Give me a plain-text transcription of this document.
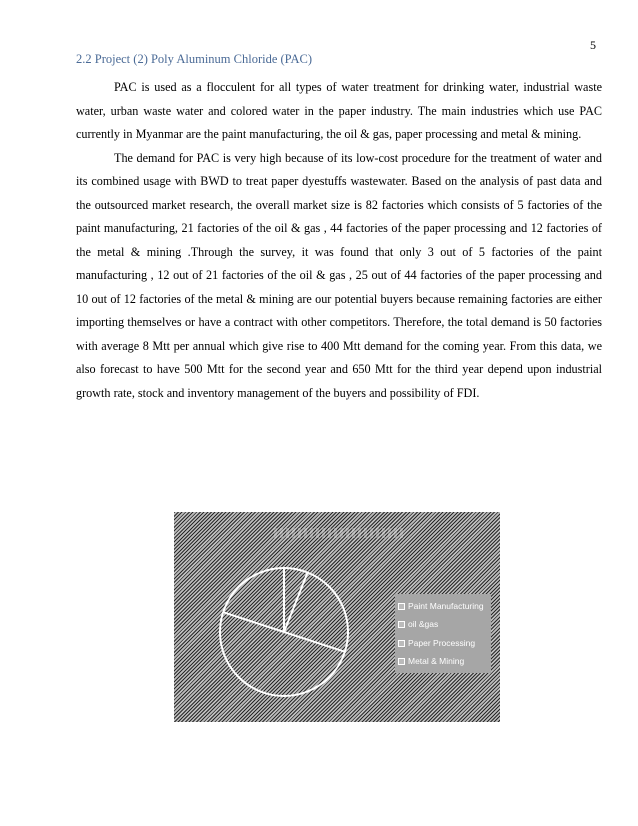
5
2.2 Project (2) Poly Aluminum Chloride (PAC)

PAC is used as a flocculent for all types of water treatment for drinking water, industrial waste water, urban waste water and colored water in the paper industry. The main industries which use PAC currently in Myanmar are the paint manufacturing, the oil & gas, paper processing and metal & mining.

The demand for PAC is very high because of its low-cost procedure for the treatment of water and its combined usage with BWD to treat paper dyestuffs wastewater. Based on the analysis of past data and the outsourced market research, the overall market size is 82 factories which consists of 5 factories of the paint manufacturing, 21 factories of the oil & gas , 44 factories of the paper processing and 12 factories of the metal & mining .Through the survey, it was found that only 3 out of 5 factories of the paint manufacturing , 12 out of 21 factories of the oil & gas , 25 out of 44 factories of the paper processing and 10 out of 12 factories of the metal & mining are our potential buyers because remaining factories are either importing themselves or have a contract with other competitors. Therefore, the total demand is 50 factories with average 8 Mtt per annual which give rise to 400 Mtt demand for the coming year. From this data, we also forecast to have 500 Mtt for the second year and 650 Mtt for the third year depend upon industrial growth rate, stock and inventory management of the buyers and possibility of FDI.

Paint Manufacturing
oil &gas
Paper Processing
Metal & Mining
